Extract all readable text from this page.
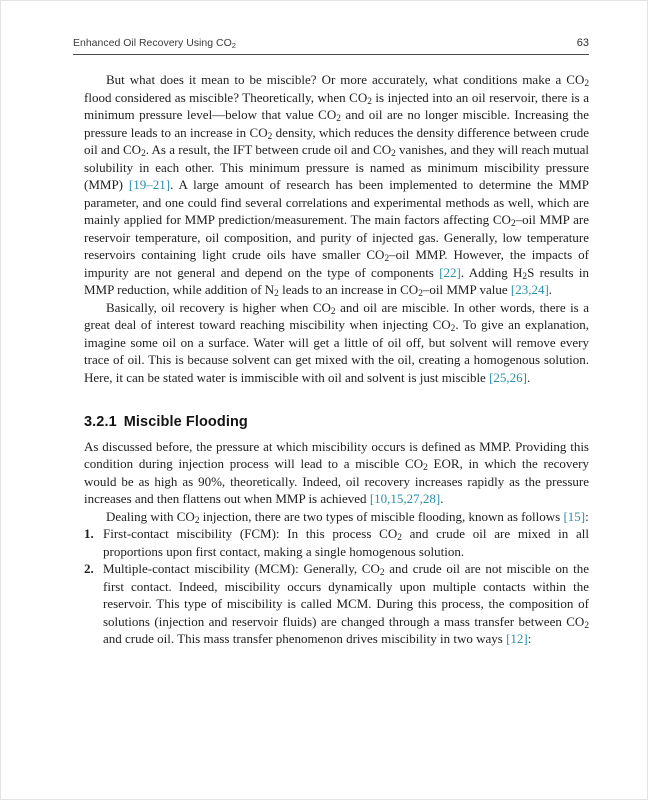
Enhanced Oil Recovery Using $CO_2$	63

But what does it mean to be miscible? Or more accurately, what conditions make a $CO_2$ flood considered as miscible? Theoretically, when $CO_2$ is injected into an oil reservoir, there is a minimum pressure level—below that value $CO_2$ and oil are no longer miscible. Increasing the pressure leads to an increase in $CO_2$ density, which reduces the density difference between crude oil and $CO_2$. As a result, the IFT between crude oil and $CO_2$ vanishes, and they will reach mutual solubility in each other. This minimum pressure is named as minimum miscibility pressure (MMP) [19–21]. A large amount of research has been implemented to determine the MMP parameter, and one could find several correlations and experimental methods as well, which are mainly applied for MMP prediction/measurement. The main factors affecting $CO_2$–oil MMP are reservoir temperature, oil composition, and purity of injected gas. Generally, low temperature reservoirs containing light crude oils have smaller $CO_2$–oil MMP. However, the impacts of impurity are not general and depend on the type of components [22]. Adding $H_2S$ results in MMP reduction, while addition of $N_2$ leads to an increase in $CO_2$–oil MMP value [23,24].

Basically, oil recovery is higher when $CO_2$ and oil are miscible. In other words, there is a great deal of interest toward reaching miscibility when injecting $CO_2$. To give an explanation, imagine some oil on a surface. Water will get a little of oil off, but solvent will remove every trace of oil. This is because solvent can get mixed with the oil, creating a homogenous solution. Here, it can be stated water is immiscible with oil and solvent is just miscible [25,26].

3.2.1 Miscible Flooding

As discussed before, the pressure at which miscibility occurs is defined as MMP. Providing this condition during injection process will lead to a miscible $CO_2$ EOR, in which the recovery would be as high as 90%, theoretically. Indeed, oil recovery increases rapidly as the pressure increases and then flattens out when MMP is achieved [10,15,27,28].

Dealing with $CO_2$ injection, there are two types of miscible flooding, known as follows [15]:

1. First-contact miscibility (FCM): In this process $CO_2$ and crude oil are mixed in all proportions upon first contact, making a single homogenous solution.
2. Multiple-contact miscibility (MCM): Generally, $CO_2$ and crude oil are not miscible on the first contact. Indeed, miscibility occurs dynamically upon multiple contacts within the reservoir. This type of miscibility is called MCM. During this process, the composition of solutions (injection and reservoir fluids) are changed through a mass transfer between $CO_2$ and crude oil. This mass transfer phenomenon drives miscibility in two ways [12]:
